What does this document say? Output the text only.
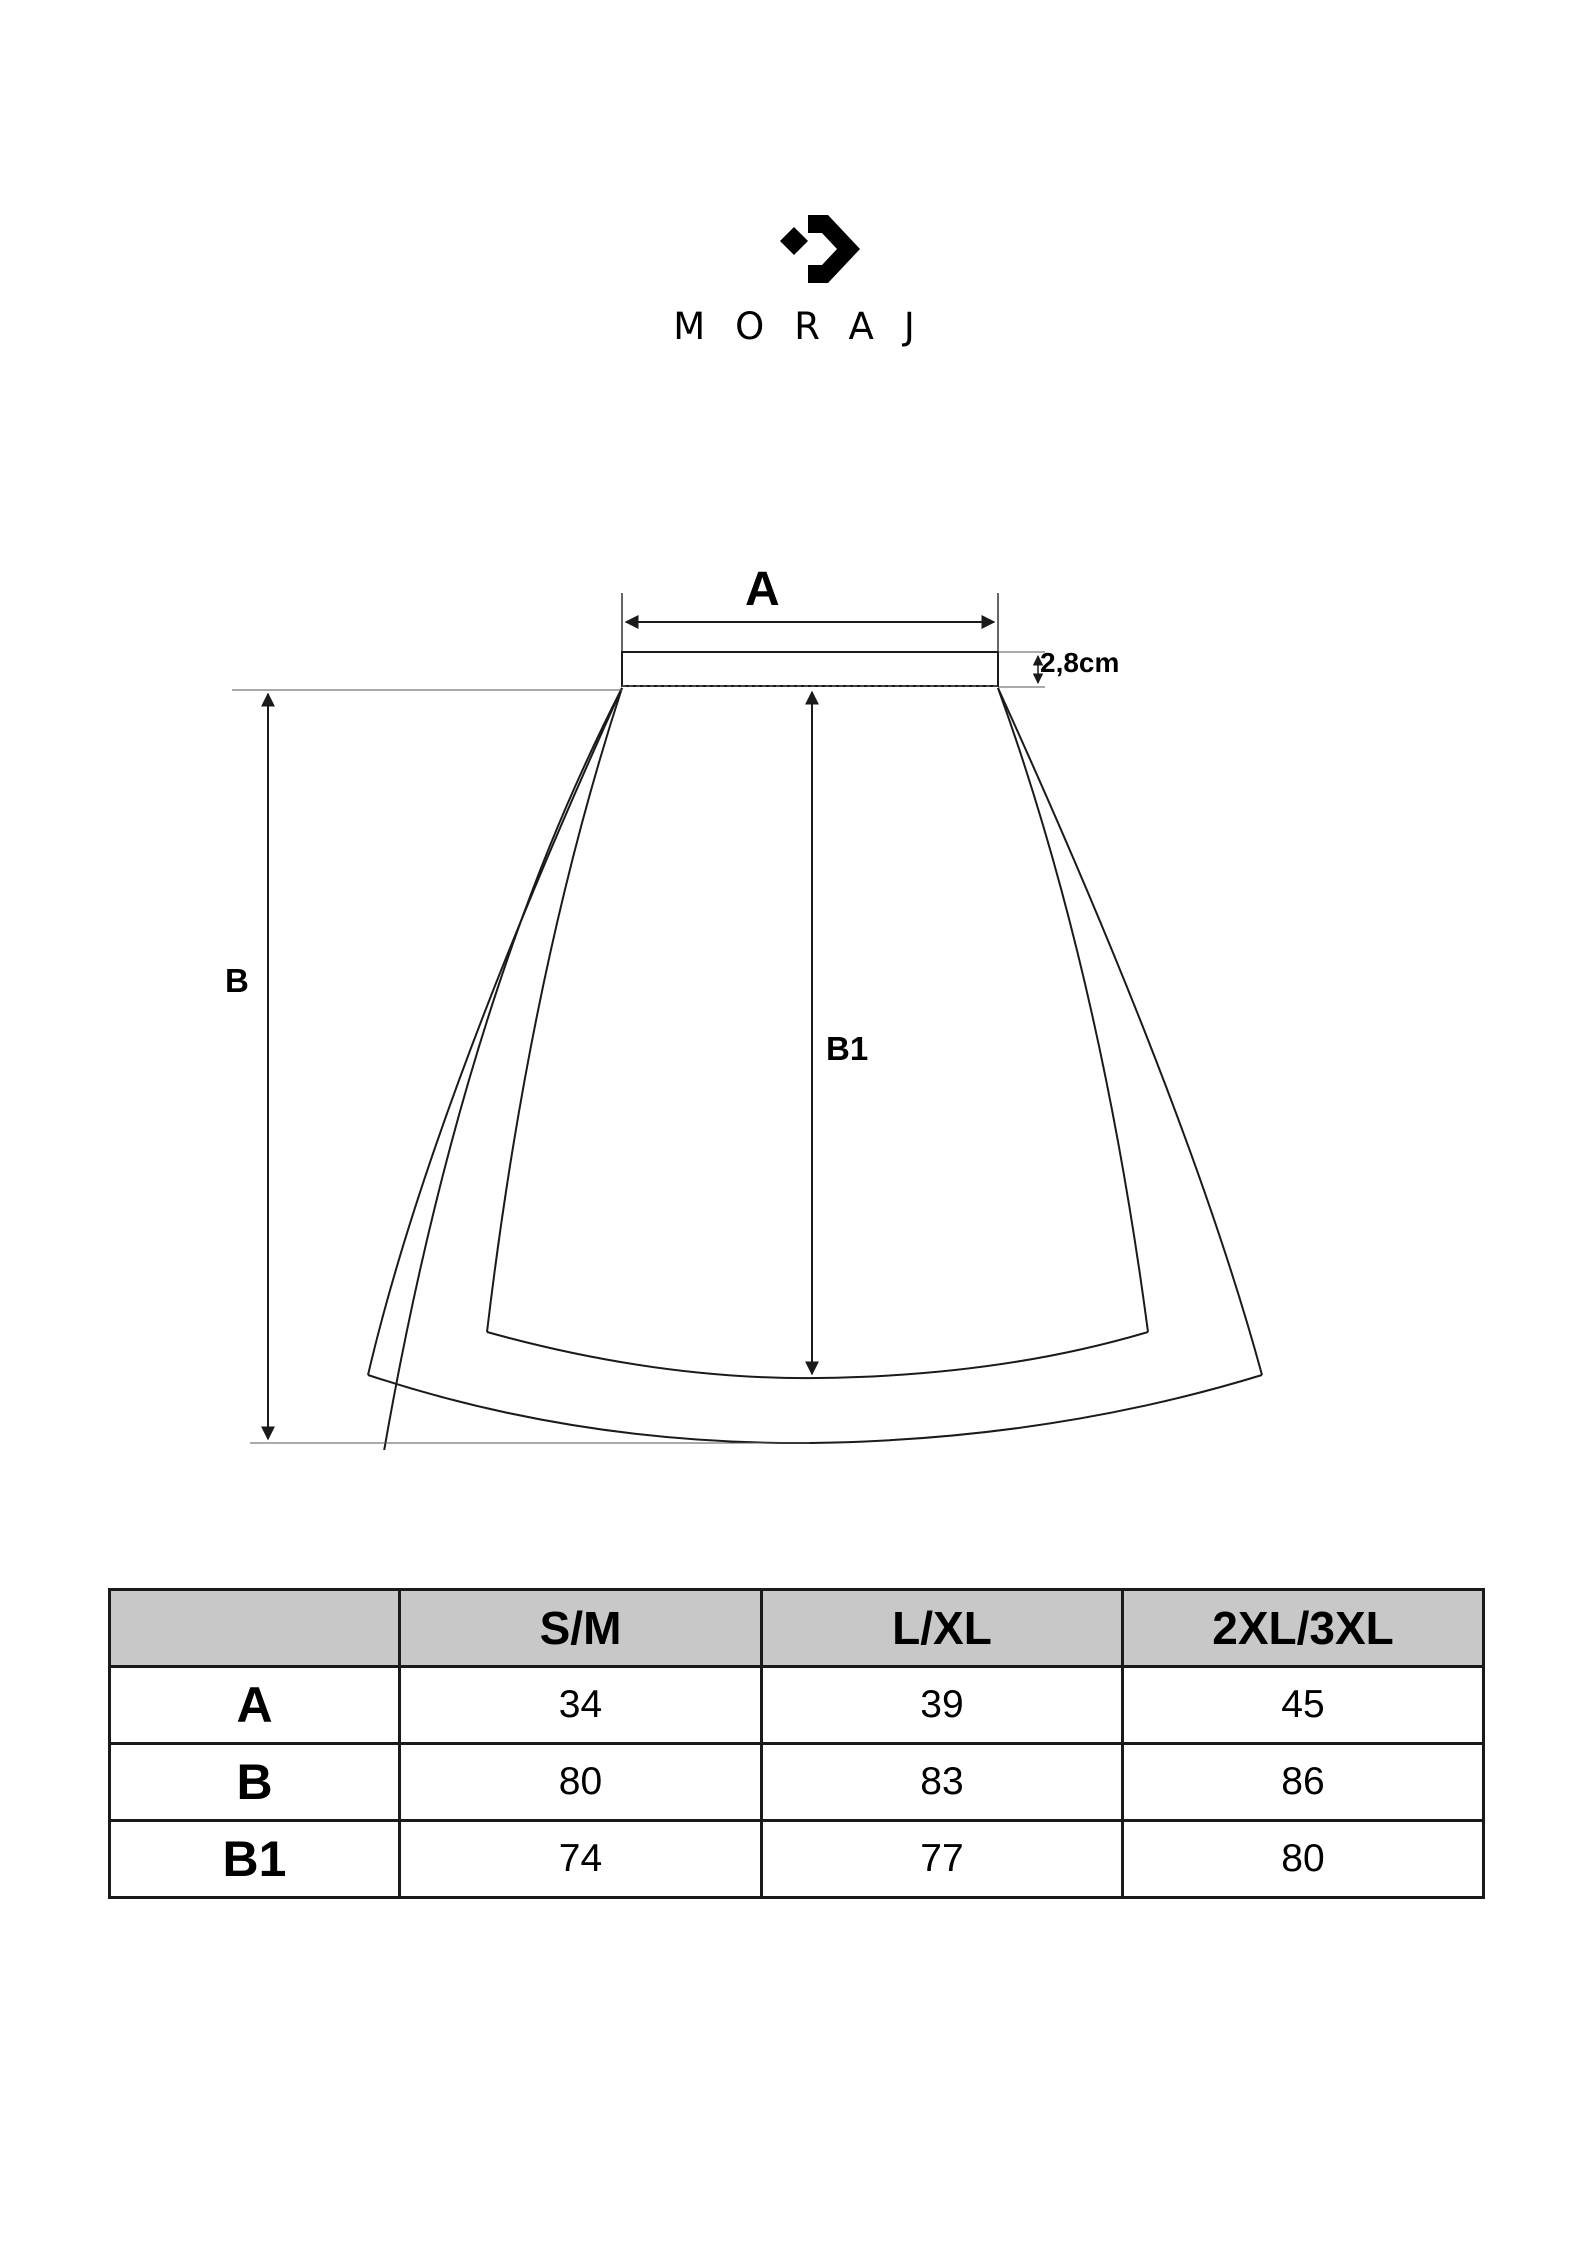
MORAJ
A
2,8cm
B
B1
	S/M	L/XL	2XL/3XL
A	34	39	45
B	80	83	86
B1	74	77	80
